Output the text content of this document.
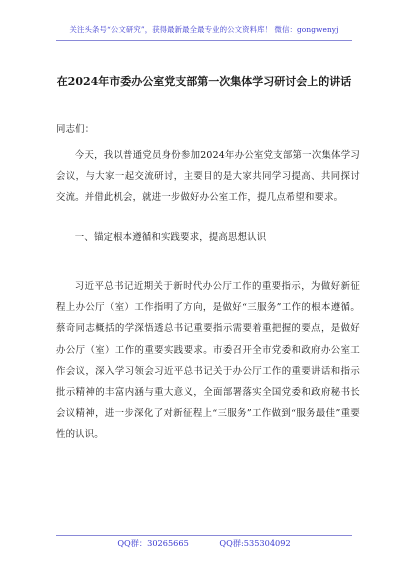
关注头条号“公文研究”，获得最新最全最专业的公文资料库！ 微信：gongwenyj
在2024年市委办公室党支部第一次集体学习研讨会上的讲话

同志们：

今天，我以普通党员身份参加2024年办公室党支部第一次集体学习会议，与大家一起交流研讨，主要目的是大家共同学习提高、共同探讨交流。并借此机会，就进一步做好办公室工作，提几点希望和要求。

一、锚定根本遵循和实践要求，提高思想认识

习近平总书记近期关于新时代办公厅工作的重要指示，为做好新征程上办公厅（室）工作指明了方向，是做好“三服务”工作的根本遵循。蔡奇同志概括的学深悟透总书记重要指示需要着重把握的要点，是做好办公厅（室）工作的重要实践要求。市委召开全市党委和政府办公室工作会议，深入学习领会习近平总书记关于办公厅工作的重要讲话和指示批示精神的丰富内涵与重大意义，全面部署落实全国党委和政府秘书长会议精神，进一步深化了对新征程上“三服务”工作做到“服务最佳”重要性的认识。

QQ群：30265665	QQ群:535304092
